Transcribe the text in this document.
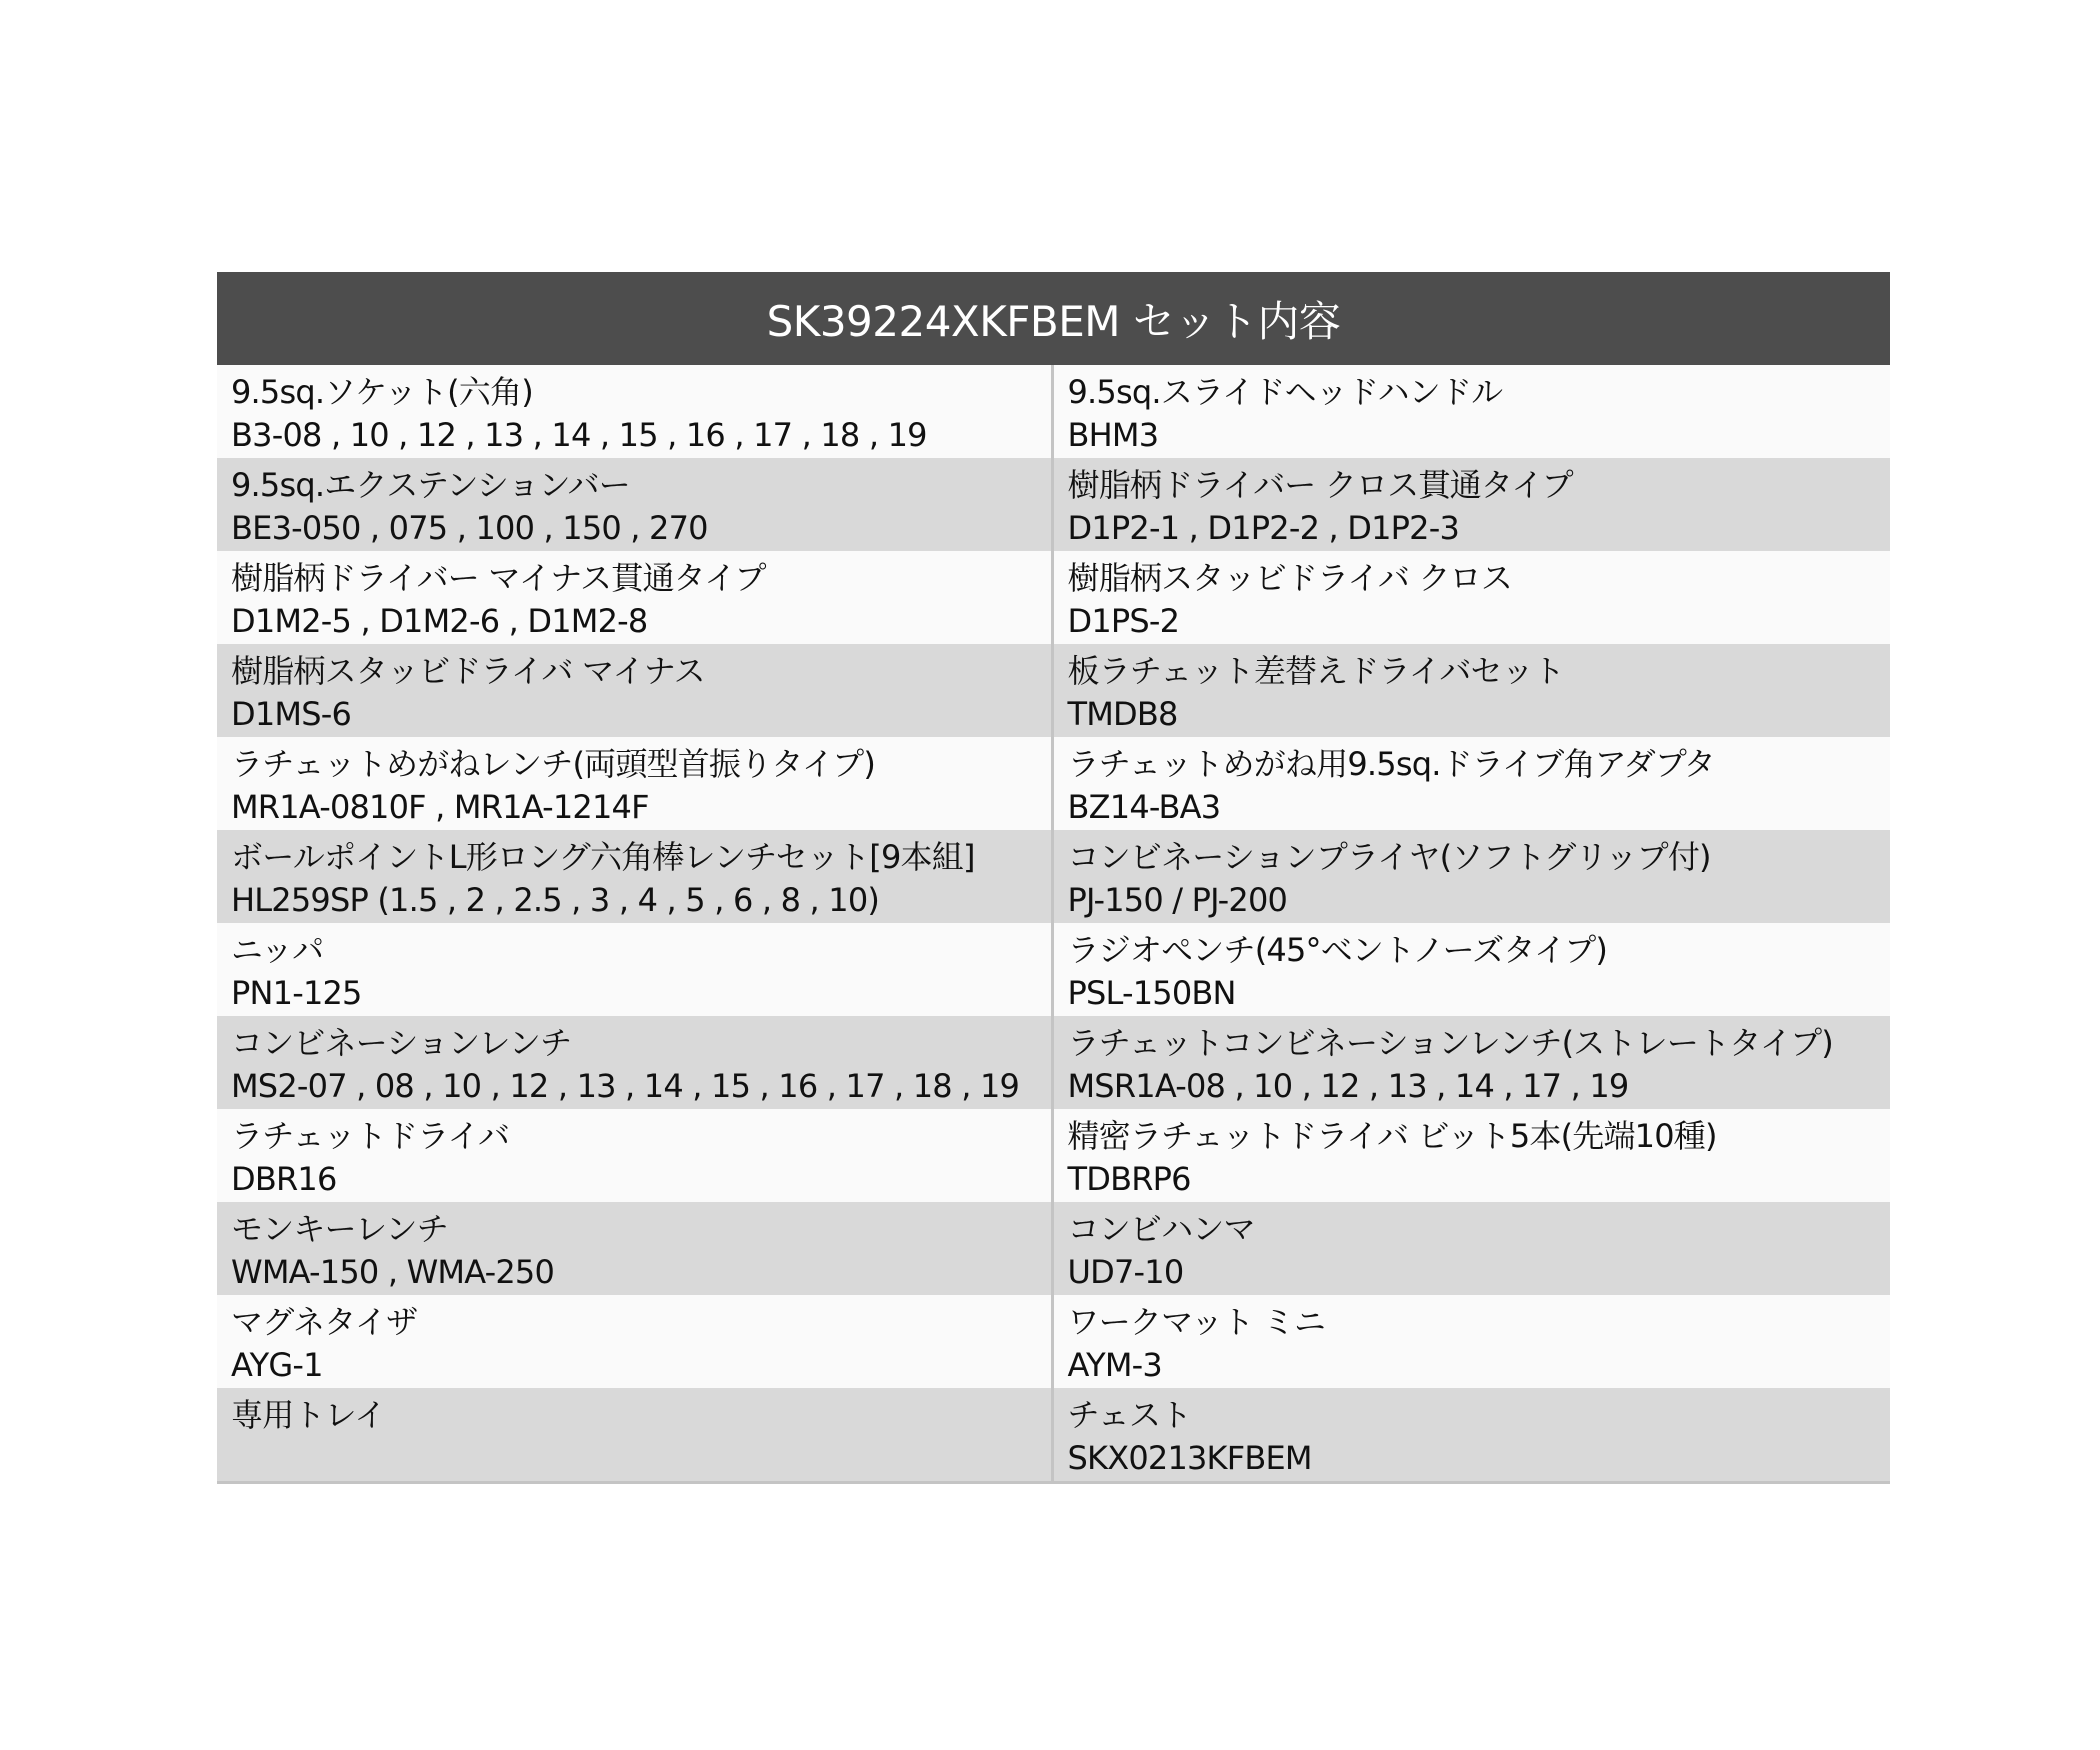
SK39224XKFBEM セット内容
9.5sq.ソケット(六角)
B3-08 , 10 , 12 , 13 , 14 , 15 , 16 , 17 , 18 , 19
9.5sq.スライドヘッドハンドル
BHM3
9.5sq.エクステンションバー
BE3-050 , 075 , 100 , 150 , 270
樹脂柄ドライバー クロス貫通タイプ
D1P2-1 , D1P2-2 , D1P2-3
樹脂柄ドライバー マイナス貫通タイプ
D1M2-5 , D1M2-6 , D1M2-8
樹脂柄スタッビドライバ クロス
D1PS-2
樹脂柄スタッビドライバ マイナス
D1MS-6
板ラチェット差替えドライバセット
TMDB8
ラチェットめがねレンチ(両頭型首振りタイプ)
MR1A-0810F , MR1A-1214F
ラチェットめがね用9.5sq.ドライブ角アダプタ
BZ14-BA3
ボールポイントL形ロング六角棒レンチセット[9本組]
HL259SP (1.5 , 2 , 2.5 , 3 , 4 , 5 , 6 , 8 , 10)
コンビネーションプライヤ(ソフトグリップ付)
PJ-150 / PJ-200
ニッパ
PN1-125
ラジオペンチ(45°ベントノーズタイプ)
PSL-150BN
コンビネーションレンチ
MS2-07 , 08 , 10 , 12 , 13 , 14 , 15 , 16 , 17 , 18 , 19
ラチェットコンビネーションレンチ(ストレートタイプ)
MSR1A-08 , 10 , 12 , 13 , 14 , 17 , 19
ラチェットドライバ
DBR16
精密ラチェットドライバ ビット5本(先端10種)
TDBRP6
モンキーレンチ
WMA-150 , WMA-250
コンビハンマ
UD7-10
マグネタイザ
AYG-1
ワークマット ミニ
AYM-3
専用トレイ	チェスト
SKX0213KFBEM
